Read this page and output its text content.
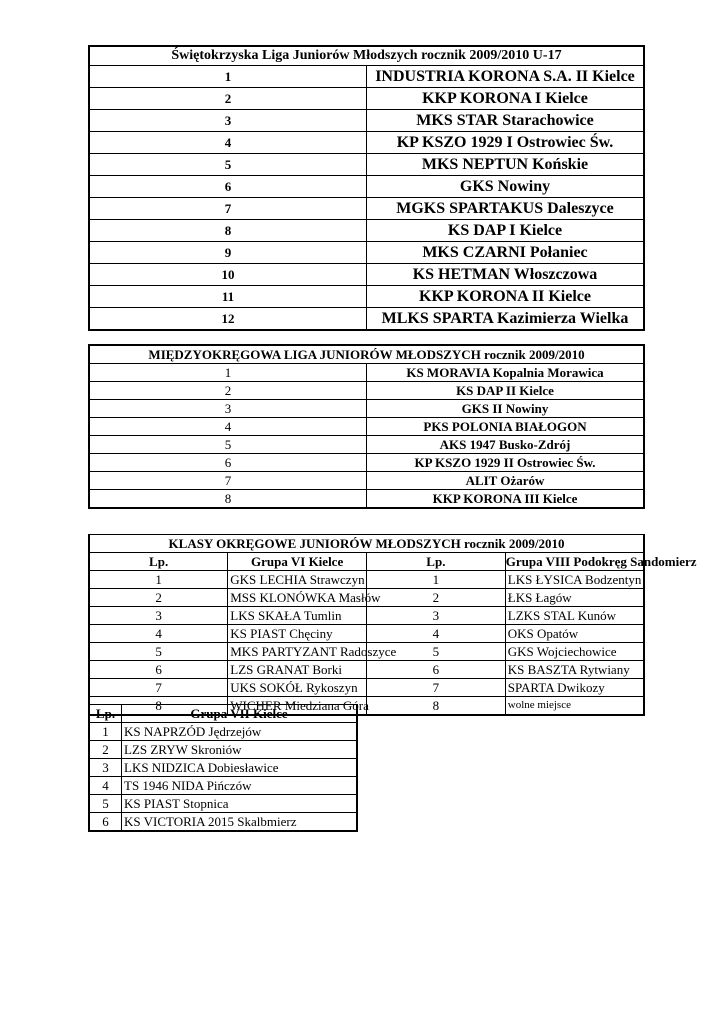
Świętokrzyska Liga Juniorów Młodszych rocznik 2009/2010 U-17	
1	INDUSTRIA KORONA S.A. II Kielce
2	KKP KORONA I Kielce
3	MKS STAR Starachowice
4	KP KSZO 1929 I Ostrowiec Św.
5	MKS NEPTUN Końskie
6	GKS Nowiny
7	MGKS SPARTAKUS Daleszyce
8	KS DAP I Kielce
9	MKS CZARNI Połaniec
10	KS HETMAN Włoszczowa
11	KKP KORONA II Kielce
12	MLKS SPARTA Kazimierza Wielka
MIĘDZYOKRĘGOWA LIGA JUNIORÓW MŁODSZYCH rocznik 2009/2010	
1	KS MORAVIA Kopalnia Morawica
2	KS DAP II Kielce
3	GKS II Nowiny
4	PKS POLONIA BIAŁOGON
5	AKS 1947 Busko-Zdrój
6	KP KSZO 1929 II Ostrowiec Św.
7	ALIT Ożarów
8	KKP KORONA III Kielce
KLASY OKRĘGOWE JUNIORÓW MŁODSZYCH rocznik 2009/2010			
Lp.	Grupa VI Kielce	Lp.	Grupa VIII Podokręg Sandomierz
1	GKS LECHIA Strawczyn	1	LKS ŁYSICA Bodzentyn
2	MSS KLONÓWKA Masłów	2	ŁKS Łagów
3	LKS SKAŁA Tumlin	3	LZKS STAL Kunów
4	KS PIAST Chęciny	4	OKS Opatów
5	MKS PARTYZANT Radoszyce	5	GKS Wojciechowice
6	LZS GRANAT Borki	6	KS BASZTA Rytwiany
7	UKS SOKÓŁ Rykoszyn	7	SPARTA Dwikozy
8	WICHER Miedziana Góra	8	wolne miejsce
Lp.	Grupa VII Kielce
1	KS NAPRZÓD Jędrzejów
2	LZS ZRYW Skroniów
3	LKS NIDZICA Dobiesławice
4	TS 1946 NIDA Pińczów
5	KS PIAST Stopnica
6	KS VICTORIA 2015 Skalbmierz
